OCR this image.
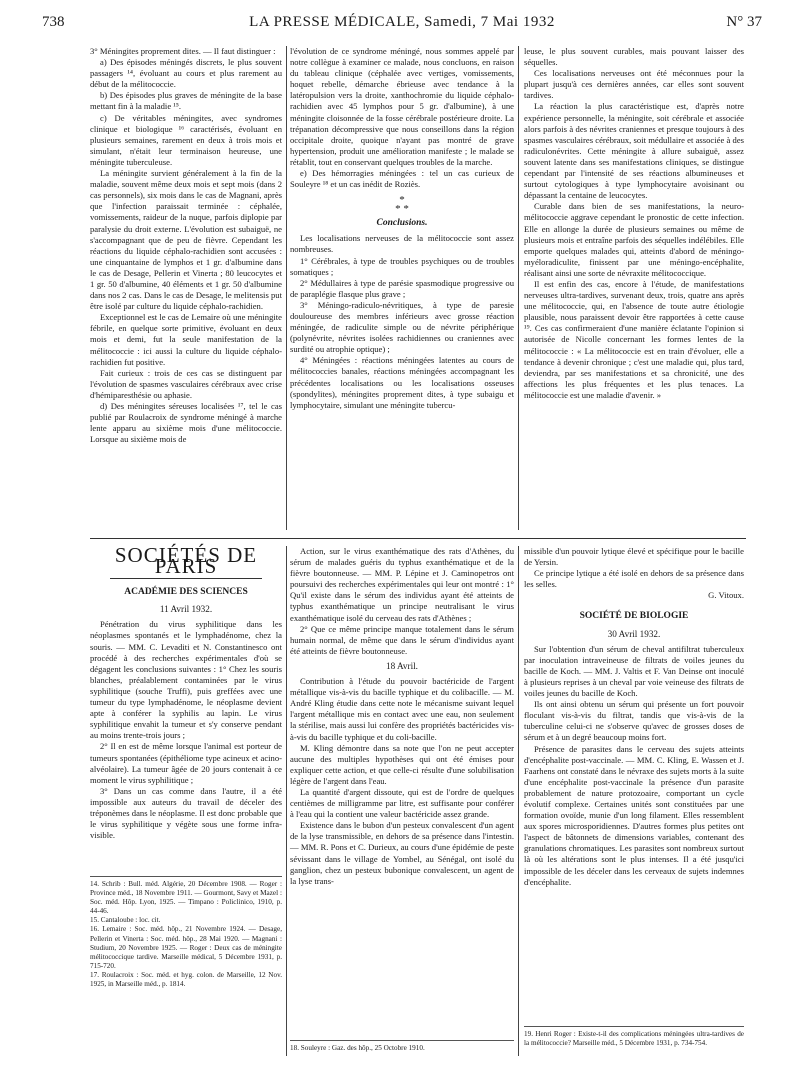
738	LA PRESSE MÉDICALE, Samedi, 7 Mai 1932	N° 37

3° Méningites proprement dites. — Il faut distinguer :

a) Des épisodes méningés discrets, le plus souvent passagers ¹⁴, évoluant au cours et plus rarement au début de la mélitococcie.

b) Des épisodes plus graves de méningite de la base mettant fin à la maladie ¹⁵.

c) De véritables méningites, avec syndromes clinique et biologique ¹⁶ caractérisés, évoluant en plusieurs semaines, rarement en deux à trois mois et simulant, n'était leur terminaison heureuse, une méningite tuberculeuse.

La méningite survient généralement à la fin de la maladie, souvent même deux mois et sept mois (dans 2 cas personnels), six mois dans le cas de Magnani, après que l'infection paraissait terminée : céphalée, vomissements, raideur de la nuque, parfois diplopie par paralysie du droit externe. L'évolution est subaiguë, ne s'accompagnant que de peu de fièvre. Cependant les réactions du liquide céphalo-rachidien sont accusées : une cinquantaine de lymphos et 1 gr. d'albumine dans le cas de Desage, Pellerin et Vinerta ; 80 leucocytes et 1 gr. 50 d'albumine, 40 éléments et 1 gr. 50 d'albumine dans nos 2 cas. Dans le cas de Desage, le melitensis put être isolé par culture du liquide céphalo-rachidien.

Exceptionnel est le cas de Lemaire où une méningite fébrile, en quelque sorte primitive, évoluant en deux mois et demi, fut la seule manifestation de la mélitococcie : ici aussi la culture du liquide céphalo-rachidien fut positive.

Fait curieux : trois de ces cas se distinguent par l'évolution de spasmes vasculaires cérébraux avec crise d'hémiparesthésie ou aphasie.

d) Des méningites séreuses localisées ¹⁷, tel le cas publié par Roulacroix de syndrome méningé à marche lente apparu au sixième mois d'une mélitococcie. Lorsque au sixième mois de

l'évolution de ce syndrome méningé, nous sommes appelé par notre collègue à examiner ce malade, nous concluons, en raison du tableau clinique (céphalée avec vertiges, vomissements, hoquet rebelle, démarche ébrieuse avec tendance à la latéropulsion vers la droite, xanthochromie du liquide céphalo-rachidien avec 45 lymphos pour 5 gr. d'albumine), à une méningite cloisonnée de la fosse cérébrale postérieure droite. La trépanation décompressive que nous conseillons dans la région occipitale droite, quoique n'ayant pas montré de grave hypertension, produit une amélioration manifeste ; le malade se rétablit, tout en conservant quelques troubles de la marche.

e) Des hémorragies méningées : tel un cas curieux de Souleyre ¹⁸ et un cas inédit de Roziès.

*
* *
Conclusions.

Les localisations nerveuses de la mélitococcie sont assez nombreuses.

1° Cérébrales, à type de troubles psychiques ou de troubles somatiques ;

2° Médullaires à type de parésie spasmodique progressive ou de paraplégie flasque plus grave ;

3° Méningo-radiculo-névritiques, à type de paresie douloureuse des membres inférieurs avec grosse réaction méningée, de radiculite simple ou de névrite périphérique (polynévrite, névrites isolées rachidiennes ou craniennes avec surdité ou atrophie optique) ;

4° Méningées : réactions méningées latentes au cours de mélitococcies banales, réactions méningées accompagnant les précédentes localisations ou les localisations osseuses (spondylites), méningites proprement dites, à type subaigu et lymphocytaire, simulant une méningite tubercu-

leuse, le plus souvent curables, mais pouvant laisser des séquelles.

Ces localisations nerveuses ont été méconnues pour la plupart jusqu'à ces dernières années, car elles sont souvent tardives.

La réaction la plus caractéristique est, d'après notre expérience personnelle, la méningite, soit cérébrale et associée alors parfois à des névrites craniennes et presque toujours à des spasmes vasculaires cérébraux, soit médullaire et associée à des radiculonévrites. Cette méningite à allure subaiguë, assez souvent latente dans ses manifestations cliniques, se distingue cependant par l'intensité de ses réactions albumineuses et surtout cytologiques à type lymphocytaire avoisinant ou dépassant la centaine de leucocytes.

Curable dans bien de ses manifestations, la neuro-mélitococcie aggrave cependant le pronostic de cette infection. Elle en allonge la durée de plusieurs semaines ou même de plusieurs mois et entraîne parfois des séquelles indélébiles. Elle emporte quelques malades qui, atteints d'abord de méningo-myéloradiculite, finissent par une méningo-encéphalite, réalisant ainsi une sorte de névraxite mélitococcique.

Il est enfin des cas, encore à l'étude, de manifestations nerveuses ultra-tardives, survenant deux, trois, quatre ans après une mélitococcie, qui, en l'absence de toute autre étiologie plausible, nous paraissent devoir être rapportées à cette cause ¹⁹. Ces cas confirmeraient d'une manière éclatante l'opinion si autorisée de Nicolle concernant les formes lentes de la mélitococcie : « La mélitococcie est en train d'évoluer, elle a tendance à devenir chronique ; c'est une maladie qui, plus tard, deviendra, par ses manifestations et sa chronicité, une des affections les plus fréquentes et les plus tenaces. La mélitococcie est une maladie d'avenir. »

SOCIÉTÉS DE PARIS
ACADÉMIE DES SCIENCES
11 Avril 1932.

Pénétration du virus syphilitique dans les néoplasmes spontanés et le lymphadénome, chez la souris. — MM. C. Levaditi et N. Constantinesco ont procédé à des recherches expérimentales d'où se dégagent les conclusions suivantes : 1° Chez les souris blanches, préalablement contaminées par le virus syphilitique (souche Truffi), puis greffées avec une tumeur du type lymphadénome, le néoplasme devient apte à conférer la syphilis au lapin. Le virus syphilitique envahit la tumeur et s'y conserve pendant au moins trente-trois jours ;

2° Il en est de même lorsque l'animal est porteur de tumeurs spontanées (épithéliome type acineux et acino-alvéolaire). La tumeur âgée de 20 jours contenait à ce moment le virus syphilitique ;

3° Dans un cas comme dans l'autre, il a été impossible aux auteurs du travail de déceler des tréponèmes dans le néoplasme. Il est donc probable que le virus syphilitique y végète sous une forme infra-visible.

Action, sur le virus exanthématique des rats d'Athènes, du sérum de malades guéris du typhus exanthématique et de la fièvre boutonneuse. — MM. P. Lépine et J. Caminopetros ont poursuivi des recherches expérimentales qui leur ont montré : 1° Qu'il existe dans le sérum des individus ayant été atteints de typhus exanthématique un principe neutralisant le virus exanthématique isolé du cerveau des rats d'Athènes ;

2° Que ce même principe manque totalement dans le sérum humain normal, de même que dans le sérum d'individus ayant été atteints de fièvre boutonneuse.

18 Avril.

Contribution à l'étude du pouvoir bactéricide de l'argent métallique vis-à-vis du bacille typhique et du colibacille. — M. André Kling étudie dans cette note le mécanisme suivant lequel l'argent métallique mis en contact avec une eau, non seulement la stérilise, mais aussi lui confère des propriétés bactéricides vis-à-vis du bacille typhique et du coli-bacille.

M. Kling démontre dans sa note que l'on ne peut accepter aucune des multiples hypothèses qui ont été émises pour expliquer cette action, et que celle-ci résulte d'une solubilisation légère de l'argent dans l'eau.

La quantité d'argent dissoute, qui est de l'ordre de quelques centièmes de milligramme par litre, est suffisante pour conférer à l'eau qui la contient une valeur bactéricide assez grande.

Existence dans le bubon d'un pesteux convalescent d'un agent de la lyse transmissible, en dehors de sa présence dans l'intestin. — MM. R. Pons et C. Durieux, au cours d'une épidémie de peste sévissant dans le village de Yombel, au Sénégal, ont isolé du ganglion, chez un pesteux bubonique convalescent, un agent de la lyse trans-

missible d'un pouvoir lytique élevé et spécifique pour le bacille de Yersin.

Ce principe lytique a été isolé en dehors de sa présence dans les selles.

G. Vitoux.
SOCIÉTÉ DE BIOLOGIE
30 Avril 1932.

Sur l'obtention d'un sérum de cheval antifiltrat tuberculeux par inoculation intraveineuse de filtrats de voiles jeunes du bacille de Koch. — MM. J. Valtis et F. Van Deinse ont inoculé à plusieurs reprises à un cheval par voie veineuse des filtrats de voiles jeunes du bacille de Koch.

Ils ont ainsi obtenu un sérum qui présente un fort pouvoir floculant vis-à-vis du filtrat, tandis que vis-à-vis de la tuberculine celui-ci ne s'observe qu'avec de grosses doses de sérum et à un degré beaucoup moins fort.

Présence de parasites dans le cerveau des sujets atteints d'encéphalite post-vaccinale. — MM. C. Kling, E. Wassen et J. Faarhens ont constaté dans le névraxe des sujets morts à la suite d'une encéphalite post-vaccinale la présence d'un parasite probablement de nature protozoaire, comportant un cycle évolutif complexe. Certaines unités sont constituées par une formation ovoïde, munie d'un long filament. Elles ressemblent aux spores microsporidiennes. D'autres formes plus petites ont l'aspect de bâtonnets de dimensions variables, contenant des granulations chromatiques. Les parasites sont nombreux surtout là où les altérations sont le plus intenses. Il a été jusqu'ici impossible de les déceler dans les cerveaux de sujets indemnes d'encéphalite.

14. Schrib : Bull. méd. Algérie, 20 Décembre 1908. — Roger : Province méd., 18 Novembre 1911. — Gourmont, Savy et Mazel : Soc. méd. Hôp. Lyon, 1925. — Timpano : Policlinico, 1910, p. 44-46.

15. Cantaloube : loc. cit.

16. Lemaire : Soc. méd. hôp., 21 Novembre 1924. — Desage, Pellerin et Vinerta : Soc. méd. hôp., 28 Mai 1920. — Magnani : Studium, 20 Novembre 1925. — Roger : Deux cas de méningite mélitococcique tardive. Marseille médical, 5 Décembre 1931, p. 715-720.

17. Roulacroix : Soc. méd. et hyg. colon. de Marseille, 12 Nov. 1925, in Marseille méd., p. 1814.

18. Souleyre : Gaz. des hôp., 25 Octobre 1910.

19. Henri Roger : Existe-t-il des complications méningées ultra-tardives de la mélitococcie? Marseille méd., 5 Décembre 1931, p. 734-754.
